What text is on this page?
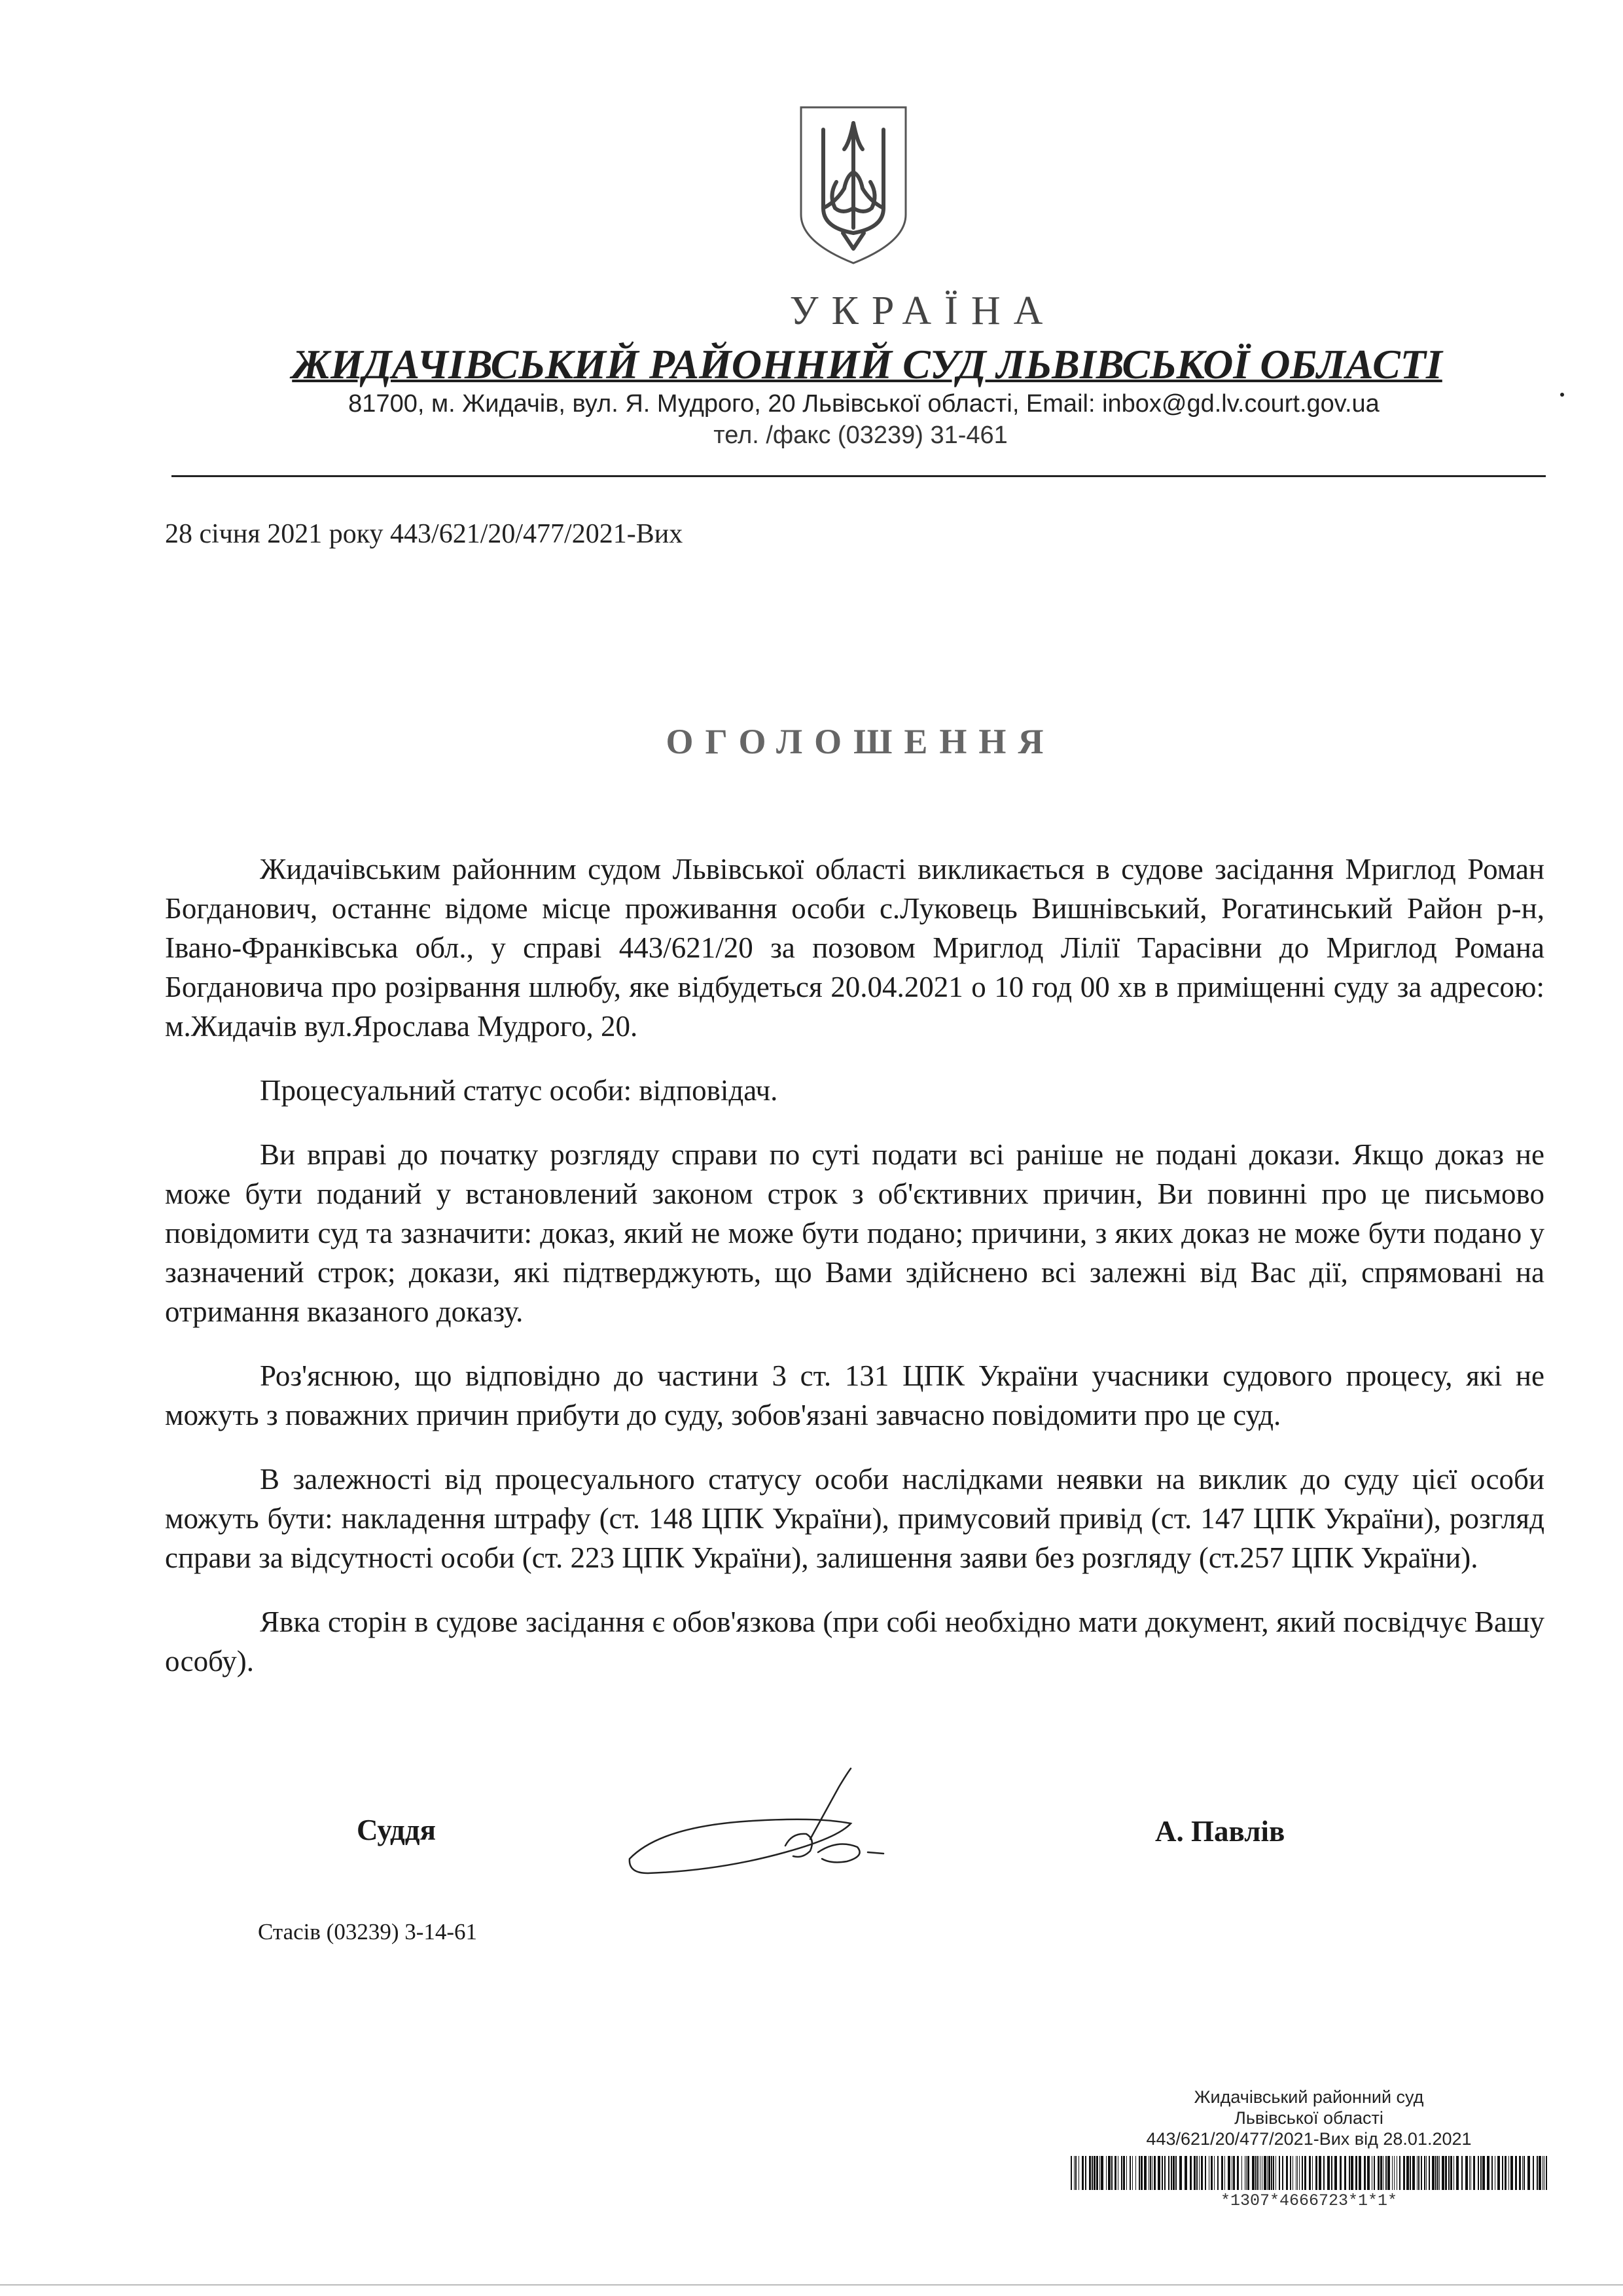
УКРАЇНА
ЖИДАЧІВСЬКИЙ РАЙОННИЙ СУД ЛЬВІВСЬКОЇ ОБЛАСТІ
81700, м. Жидачів, вул. Я. Мудрого, 20 Львівської області, Email: inbox@gd.lv.court.gov.ua
тел. /факс (03239) 31-461
28 січня 2021 року 443/621/20/477/2021-Вих
ОГОЛОШЕННЯ

Жидачівським районним судом Львівської області викликається в судове засідання Мриглод Роман Богданович, останнє відоме місце проживання особи с.Луковець Вишнівський, Рогатинський Район р-н, Івано-Франківська обл., у справі 443/621/20 за позовом Мриглод Лілії Тарасівни до Мриглод Романа Богдановича про розірвання шлюбу, яке відбудеться 20.04.2021 о 10 год 00 хв в приміщенні суду за адресою: м.Жидачів вул.Ярослава Мудрого, 20.

Процесуальний статус особи: відповідач.

Ви вправі до початку розгляду справи по суті подати всі раніше не подані докази. Якщо доказ не може бути поданий у встановлений законом строк з об'єктивних причин, Ви повинні про це письмово повідомити суд та зазначити: доказ, який не може бути подано; причини, з яких доказ не може бути подано у зазначений строк; докази, які підтверджують, що Вами здійснено всі залежні від Вас дії, спрямовані на отримання вказаного доказу.

Роз'яснюю, що відповідно до частини 3 ст. 131 ЦПК України учасники судового процесу, які не можуть з поважних причин прибути до суду, зобов'язані завчасно повідомити про це суд.

В залежності від процесуального статусу особи наслідками неявки на виклик до суду цієї особи можуть бути: накладення штрафу (ст. 148 ЦПК України), примусовий привід (ст. 147 ЦПК України), розгляд справи за відсутності особи (ст. 223 ЦПК України), залишення заяви без розгляду (ст.257 ЦПК України).

Явка сторін в судове засідання є обов'язкова (при собі необхідно мати документ, який посвідчує Вашу особу).

Суддя	А. Павлів
Стасів (03239) 3-14-61
Жидачівський районний суд
Львівської області
443/621/20/477/2021-Вих від 28.01.2021
*1307*4666723*1*1*
